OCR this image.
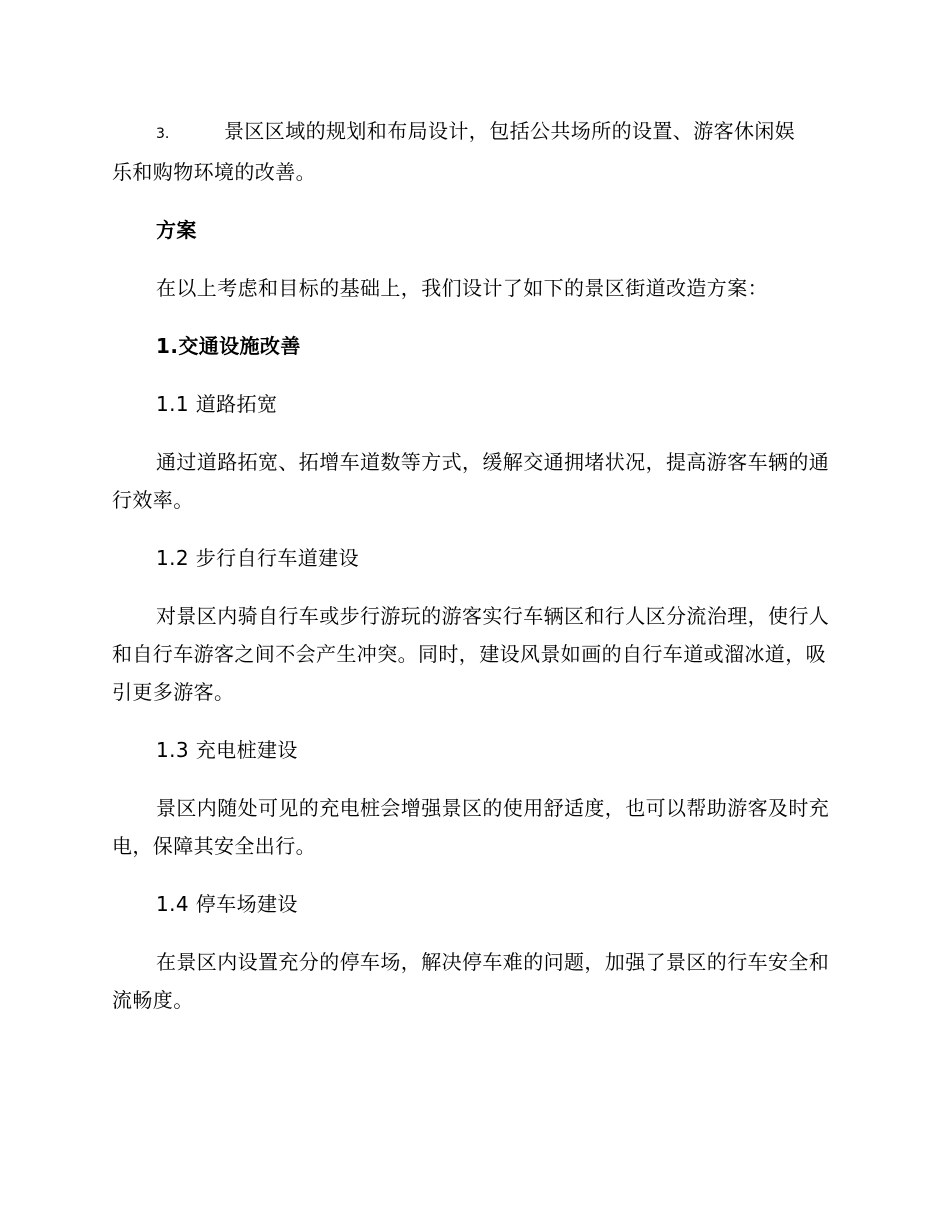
3.	景区区域的规划和布局设计，包括公共场所的设置、游客休闲娱

乐和购物环境的改善。

方案

在以上考虑和目标的基础上，我们设计了如下的景区街道改造方案：

1.交通设施改善

1.1 道路拓宽

通过道路拓宽、拓增车道数等方式，缓解交通拥堵状况，提高游客车辆的通行效率。

1.2 步行自行车道建设

对景区内骑自行车或步行游玩的游客实行车辆区和行人区分流治理，使行人和自行车游客之间不会产生冲突。同时，建设风景如画的自行车道或溜冰道，吸引更多游客。

1.3 充电桩建设

景区内随处可见的充电桩会增强景区的使用舒适度，也可以帮助游客及时充电，保障其安全出行。

1.4 停车场建设

在景区内设置充分的停车场，解决停车难的问题，加强了景区的行车安全和流畅度。
